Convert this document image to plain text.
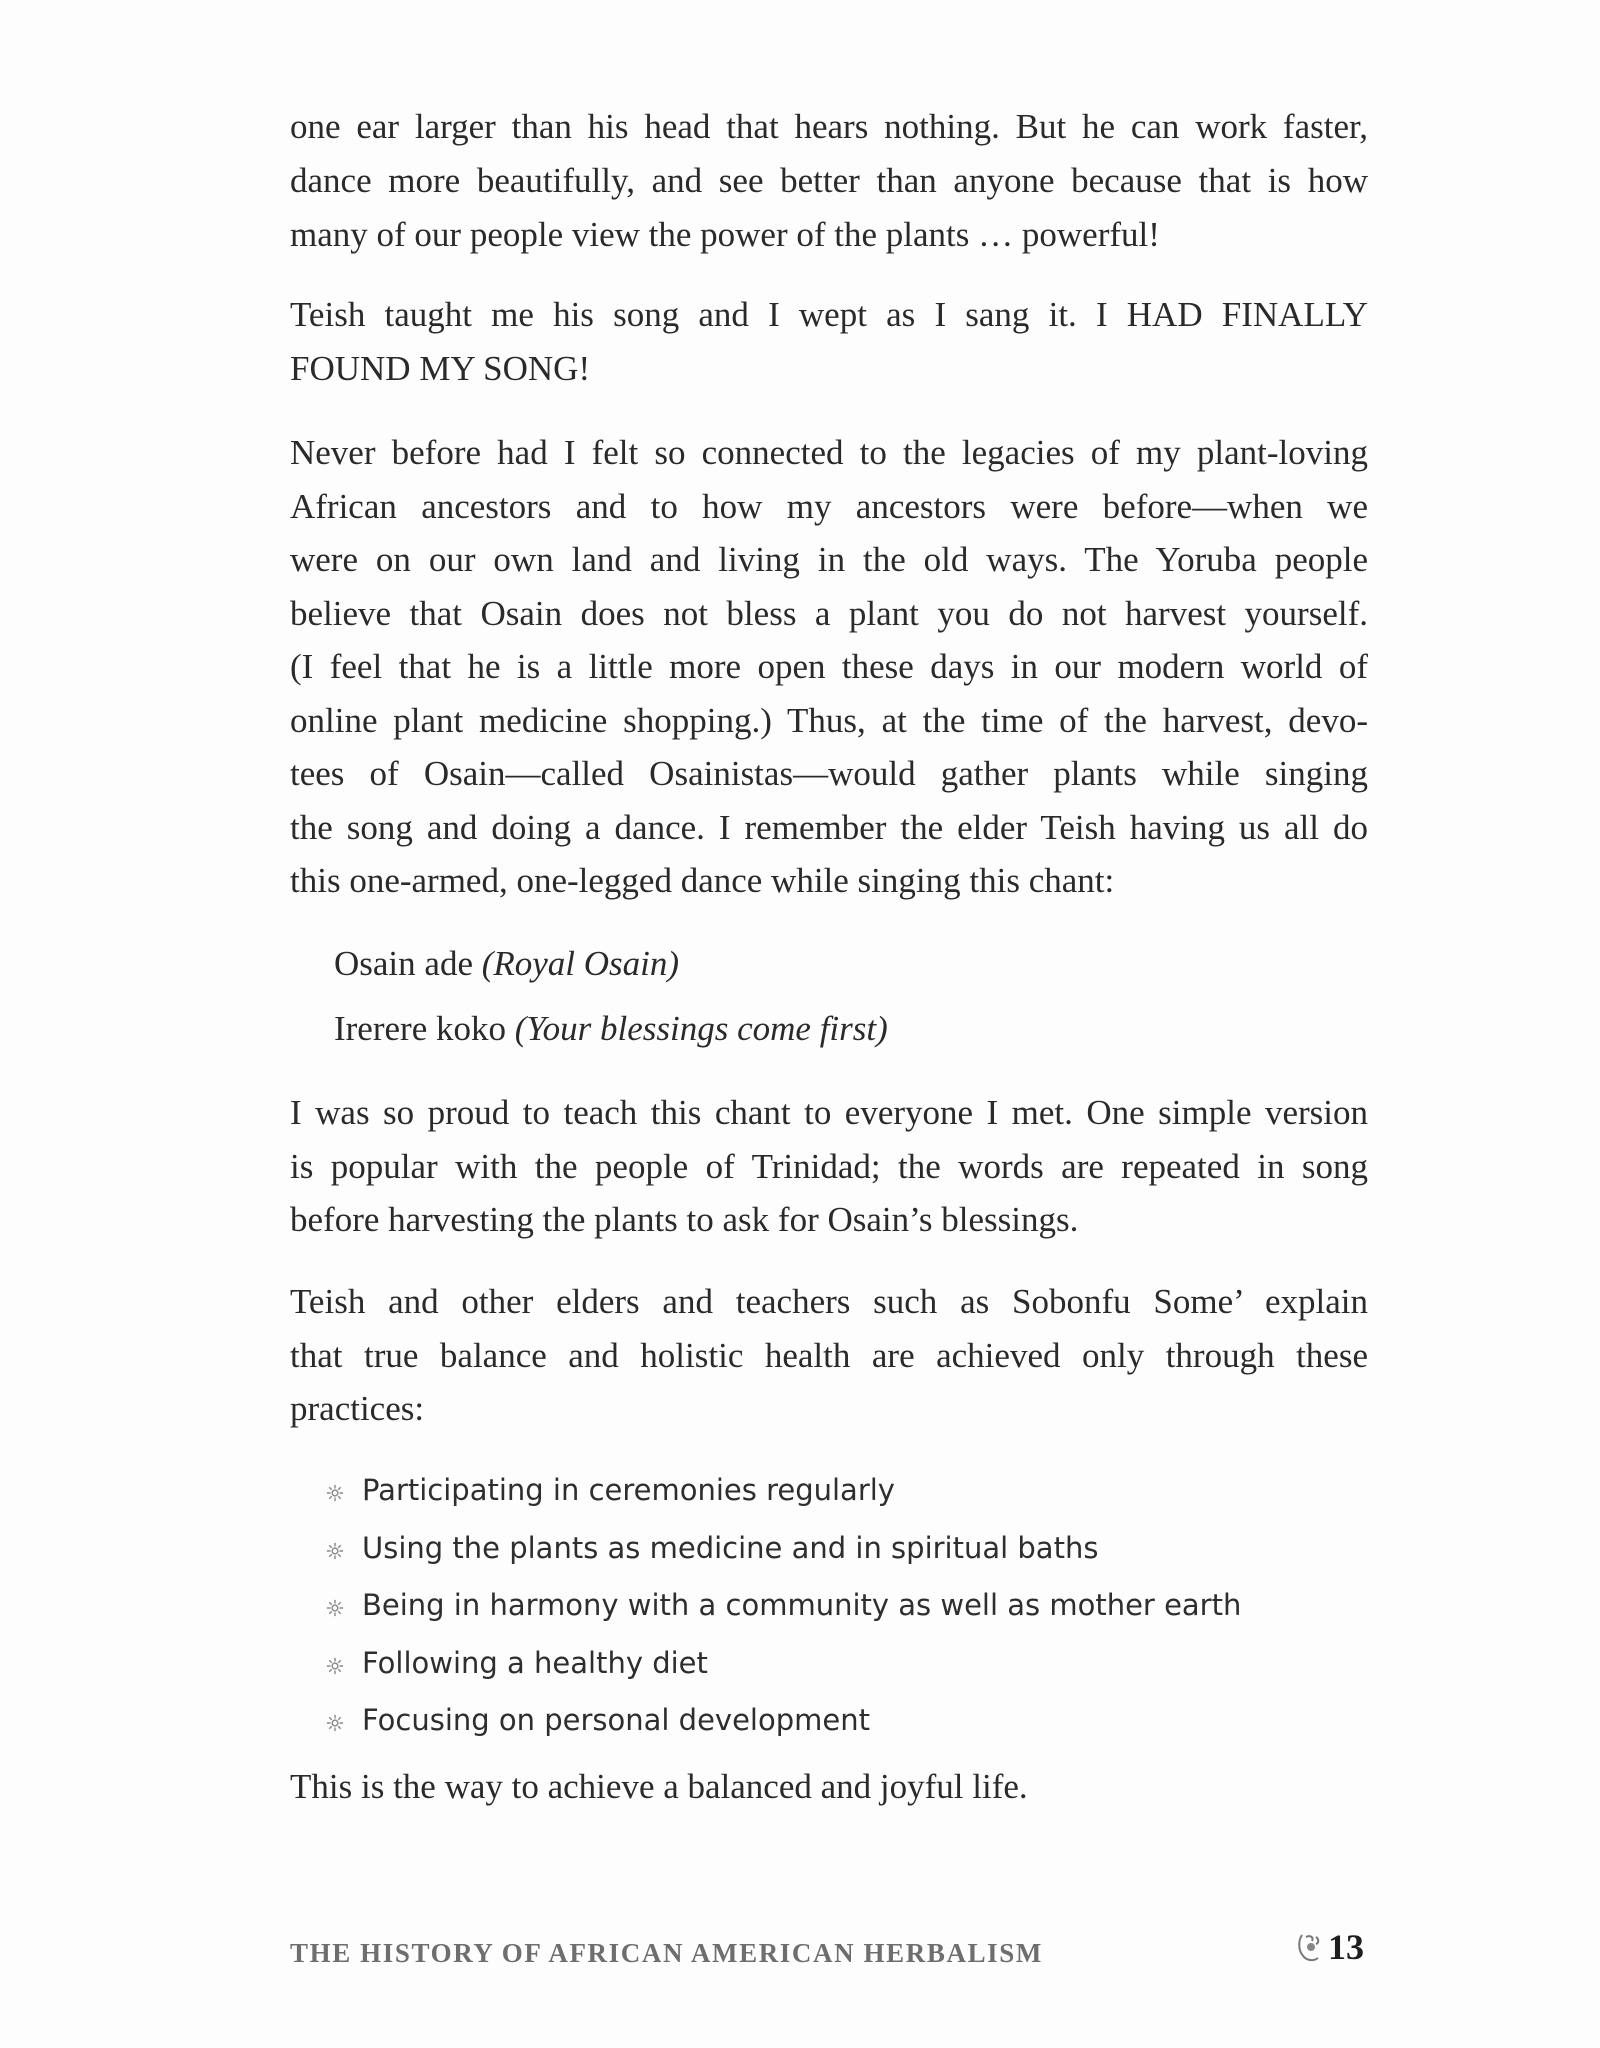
one ear larger than his head that hears nothing. But he can work faster,
dance more beautifully, and see better than anyone because that is how
many of our people view the power of the plants … powerful!
Teish taught me his song and I wept as I sang it. I HAD FINALLY
FOUND MY SONG!
Never before had I felt so connected to the legacies of my plant-loving
African ancestors and to how my ancestors were before—when we
were on our own land and living in the old ways. The Yoruba people
believe that Osain does not bless a plant you do not harvest yourself.
(I feel that he is a little more open these days in our modern world of
online plant medicine shopping.) Thus, at the time of the harvest, devo-
tees of Osain—called Osainistas—would gather plants while singing
the song and doing a dance. I remember the elder Teish having us all do
this one-armed, one-legged dance while singing this chant:
Osain ade (Royal Osain)
Irerere koko (Your blessings come first)
I was so proud to teach this chant to everyone I met. One simple version
is popular with the people of Trinidad; the words are repeated in song
before harvesting the plants to ask for Osain’s blessings.
Teish and other elders and teachers such as Sobonfu Some’ explain
that true balance and holistic health are achieved only through these
practices:
Participating in ceremonies regularly
Using the plants as medicine and in spiritual baths
Being in harmony with a community as well as mother earth
Following a healthy diet
Focusing on personal development
This is the way to achieve a balanced and joyful life.
THE HISTORY OF AFRICAN AMERICAN HERBALISM	13
